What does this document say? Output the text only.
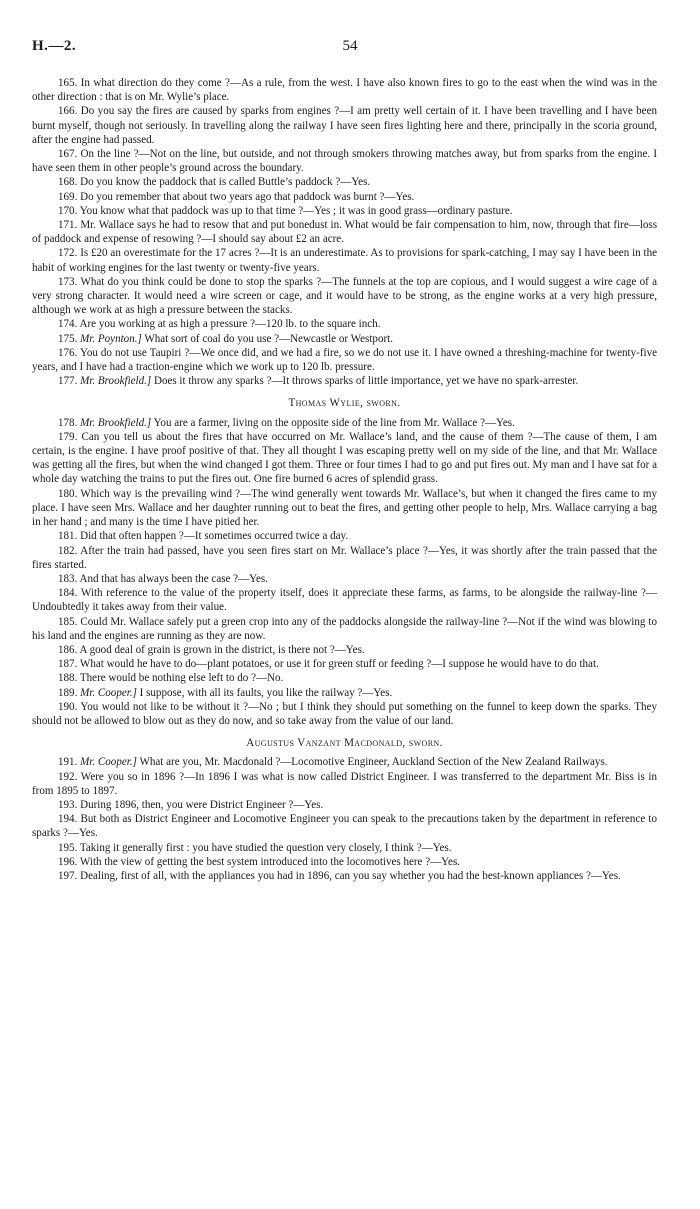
H.—2.	54

165. In what direction do they come ?—As a rule, from the west. I have also known fires to go to the east when the wind was in the other direction : that is on Mr. Wylie’s place.

166. Do you say the fires are caused by sparks from engines ?—I am pretty well certain of it. I have been travelling and I have been burnt myself, though not seriously. In travelling along the railway I have seen fires lighting here and there, principally in the scoria ground, after the engine had passed.

167. On the line ?—Not on the line, but outside, and not through smokers throwing matches away, but from sparks from the engine. I have seen them in other people’s ground across the boundary.

168. Do you know the paddock that is called Buttle’s paddock ?—Yes.

169. Do you remember that about two years ago that paddock was burnt ?—Yes.

170. You know what that paddock was up to that time ?—Yes ; it was in good grass—ordinary pasture.

171. Mr. Wallace says he had to resow that and put bonedust in. What would be fair compensation to him, now, through that fire—loss of paddock and expense of resowing ?—I should say about £2 an acre.

172. Is £20 an overestimate for the 17 acres ?—It is an underestimate. As to provisions for spark-catching, I may say I have been in the habit of working engines for the last twenty or twenty-five years.

173. What do you think could be done to stop the sparks ?—The funnels at the top are copious, and I would suggest a wire cage of a very strong character. It would need a wire screen or cage, and it would have to be strong, as the engine works at a very high pressure, although we work at as high a pressure between the stacks.

174. Are you working at as high a pressure ?—120 lb. to the square inch.

175. Mr. Poynton.] What sort of coal do you use ?—Newcastle or Westport.

176. You do not use Taupiri ?—We once did, and we had a fire, so we do not use it. I have owned a threshing-machine for twenty-five years, and I have had a traction-engine which we work up to 120 lb. pressure.

177. Mr. Brookfield.] Does it throw any sparks ?—It throws sparks of little importance, yet we have no spark-arrester.

Thomas Wylie, sworn.

178. Mr. Brookfield.] You are a farmer, living on the opposite side of the line from Mr. Wallace ?—Yes.

179. Can you tell us about the fires that have occurred on Mr. Wallace’s land, and the cause of them ?—The cause of them, I am certain, is the engine. I have proof positive of that. They all thought I was escaping pretty well on my side of the line, and that Mr. Wallace was getting all the fires, but when the wind changed I got them. Three or four times I had to go and put fires out. My man and I have sat for a whole day watching the trains to put the fires out. One fire burned 6 acres of splendid grass.

180. Which way is the prevailing wind ?—The wind generally went towards Mr. Wallace’s, but when it changed the fires came to my place. I have seen Mrs. Wallace and her daughter running out to beat the fires, and getting other people to help, Mrs. Wallace carrying a bag in her hand ; and many is the time I have pitied her.

181. Did that often happen ?—It sometimes occurred twice a day.

182. After the train had passed, have you seen fires start on Mr. Wallace’s place ?—Yes, it was shortly after the train passed that the fires started.

183. And that has always been the case ?—Yes.

184. With reference to the value of the property itself, does it appreciate these farms, as farms, to be alongside the railway-line ?—Undoubtedly it takes away from their value.

185. Could Mr. Wallace safely put a green crop into any of the paddocks alongside the railway-line ?—Not if the wind was blowing to his land and the engines are running as they are now.

186. A good deal of grain is grown in the district, is there not ?—Yes.

187. What would he have to do—plant potatoes, or use it for green stuff or feeding ?—I suppose he would have to do that.

188. There would be nothing else left to do ?—No.

189. Mr. Cooper.] I suppose, with all its faults, you like the railway ?—Yes.

190. You would not like to be without it ?—No ; but I think they should put something on the funnel to keep down the sparks. They should not be allowed to blow out as they do now, and so take away from the value of our land.

Augustus Vanzant Macdonald, sworn.

191. Mr. Cooper.] What are you, Mr. Macdonald ?—Locomotive Engineer, Auckland Section of the New Zealand Railways.

192. Were you so in 1896 ?—In 1896 I was what is now called District Engineer. I was transferred to the department Mr. Biss is in from 1895 to 1897.

193. During 1896, then, you were District Engineer ?—Yes.

194. But both as District Engineer and Locomotive Engineer you can speak to the precautions taken by the department in reference to sparks ?—Yes.

195. Taking it generally first : you have studied the question very closely, I think ?—Yes.

196. With the view of getting the best system introduced into the locomotives here ?—Yes.

197. Dealing, first of all, with the appliances you had in 1896, can you say whether you had the best-known appliances ?—Yes.
